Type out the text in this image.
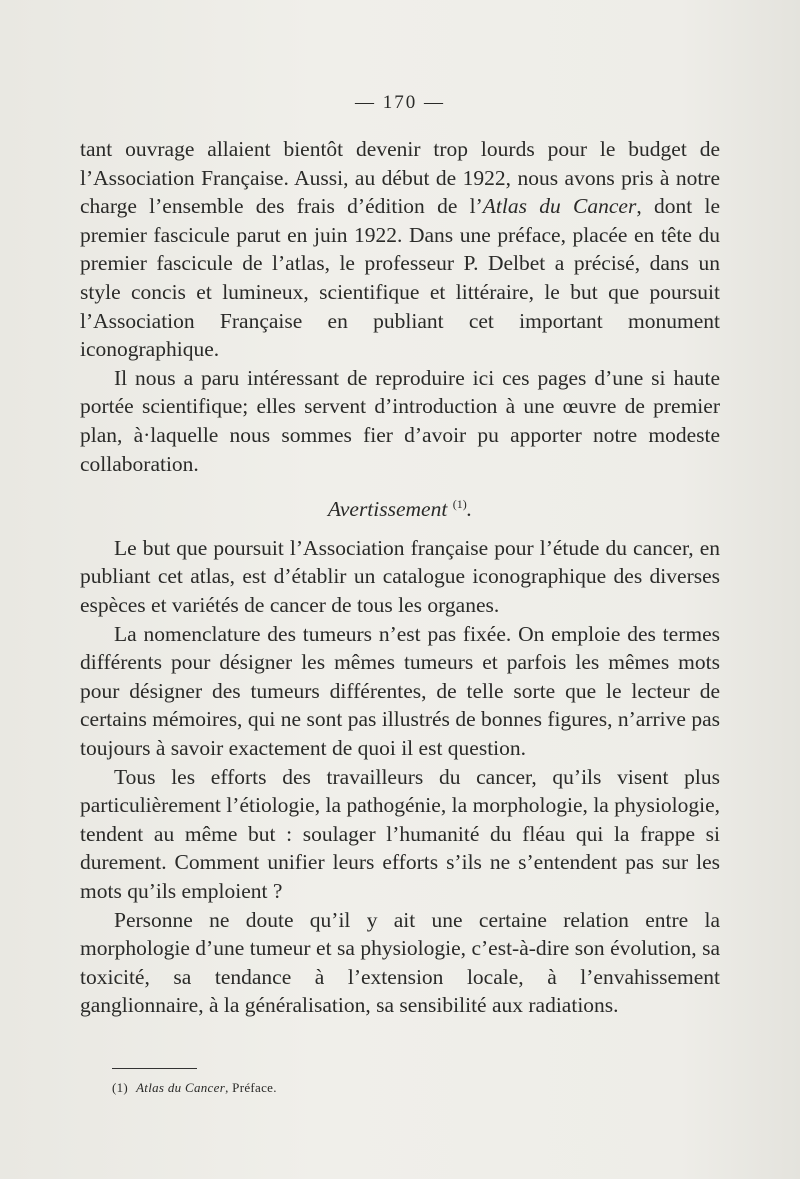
— 170 —

tant ouvrage allaient bientôt devenir trop lourds pour le budget de l’Association Française. Aussi, au début de 1922, nous avons pris à notre charge l’ensemble des frais d’édition de l’Atlas du Cancer, dont le premier fascicule parut en juin 1922. Dans une préface, placée en tête du premier fascicule de l’atlas, le professeur P. Delbet a précisé, dans un style concis et lumineux, scientifique et littéraire, le but que poursuit l’Association Française en publiant cet important monument iconographique.

Il nous a paru intéressant de reproduire ici ces pages d’une si haute portée scientifique; elles servent d’introduction à une œuvre de premier plan, à·laquelle nous sommes fier d’avoir pu apporter notre modeste collaboration.

Avertissement $^{(1)}$.

Le but que poursuit l’Association française pour l’étude du cancer, en publiant cet atlas, est d’établir un catalogue iconographique des diverses espèces et variétés de cancer de tous les organes.

La nomenclature des tumeurs n’est pas fixée. On emploie des termes différents pour désigner les mêmes tumeurs et parfois les mêmes mots pour désigner des tumeurs différentes, de telle sorte que le lecteur de certains mémoires, qui ne sont pas illustrés de bonnes figures, n’arrive pas toujours à savoir exactement de quoi il est question.

Tous les efforts des travailleurs du cancer, qu’ils visent plus particulièrement l’étiologie, la pathogénie, la morphologie, la physiologie, tendent au même but : soulager l’humanité du fléau qui la frappe si durement. Comment unifier leurs efforts s’ils ne s’entendent pas sur les mots qu’ils emploient ?

Personne ne doute qu’il y ait une certaine relation entre la morphologie d’une tumeur et sa physiologie, c’est-à-dire son évolution, sa toxicité, sa tendance à l’extension locale, à l’envahissement ganglionnaire, à la généralisation, sa sensibilité aux radiations.

(1) Atlas du Cancer, Préface.
